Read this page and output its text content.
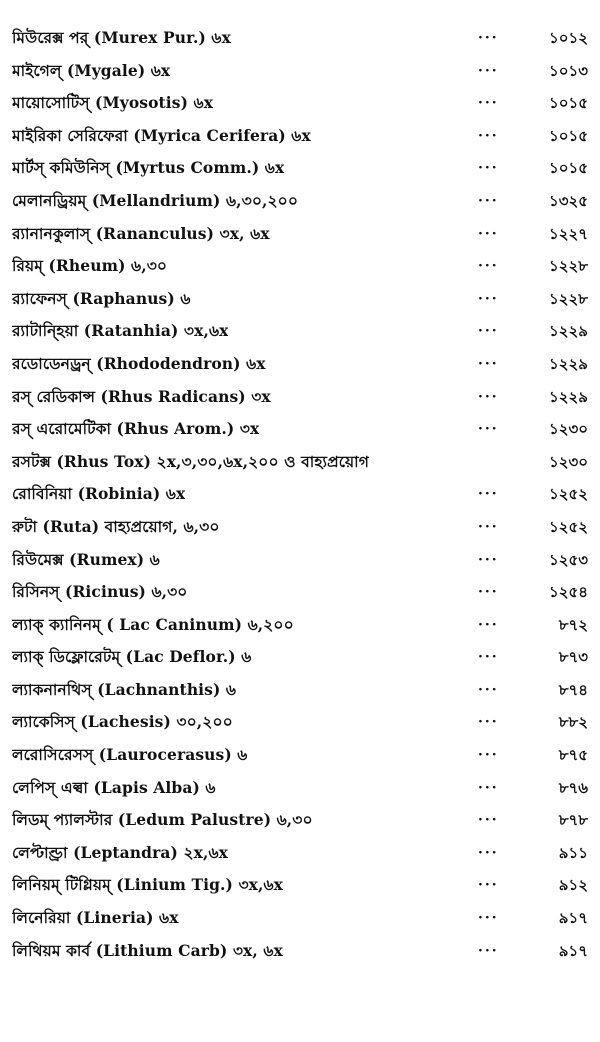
মিউরেক্স পর্ (Murex Pur.) ৬x	···	১০১২
মাইগেল্ (Mygale) ৬x	···	১০১৩
মায়োসোটিস্ (Myosotis) ৬x	···	১০১৫
মাইরিকা সেরিফেরা (Myrica Cerifera) ৬x	···	১০১৫
মার্টস্ কমিউনিস্ (Myrtus Comm.) ৬x	···	১০১৫
মেলানড্রিয়ম্ (Mellandrium) ৬,৩০,২০০	···	১৩২৫
র‍্যানানকুলাস্ (Rananculus) ৩x, ৬x	···	১২২৭
রিয়ম্ (Rheum) ৬,৩০	···	১২২৮
র‍্যাফেনস্ (Raphanus) ৬	···	১২২৮
র‍্যাটান্হিয়া (Ratanhia) ৩x,৬x	···	১২২৯
রডোডেনড্রন্ (Rhododendron) ৬x	···	১২২৯
রস্ রেডিকান্স (Rhus Radicans) ৩x	···	১২২৯
রস্ এরোমেটিকা (Rhus Arom.) ৩x	···	১২৩০
রসটক্স (Rhus Tox) ২x,৩,৩০,৬x,২০০ ও বাহ্যপ্রয়োগ	১২৩০
রোবিনিয়া (Robinia) ৬x	···	১২৫২
রুটা (Ruta) বাহ্যপ্রয়োগ, ৬,৩০	···	১২৫২
রিউমেক্স (Rumex) ৬	···	১২৫৩
রিসিনস্ (Ricinus) ৬,৩০	···	১২৫৪
ল্যাক্ ক্যানিনম্ ( Lac Caninum) ৬,২০০	···	৮৭২
ল্যাক্ ডিফ্লোরেটম্ (Lac Deflor.) ৬	···	৮৭৩
ল্যাকনানথিস্ (Lachnanthis) ৬	···	৮৭৪
ল্যাকেসিস্ (Lachesis) ৩০,২০০	···	৮৮২
লরোসিরেসস্ (Laurocerasus) ৬	···	৮৭৫
লেপিস্ এল্বা (Lapis Alba) ৬	···	৮৭৬
লিডম্ প্যালস্টার (Ledum Palustre) ৬,৩০	···	৮৭৮
লেপ্টাণ্ড্রা (Leptandra) ২x,৬x	···	৯১১
লিনিয়ম্ টিগ্লিয়ম্ (Linium Tig.) ৩x,৬x	···	৯১২
লিনেরিয়া (Lineria) ৬x	···	৯১৭
লিথিয়ম কার্ব (Lithium Carb) ৩x, ৬x	···	৯১৭
